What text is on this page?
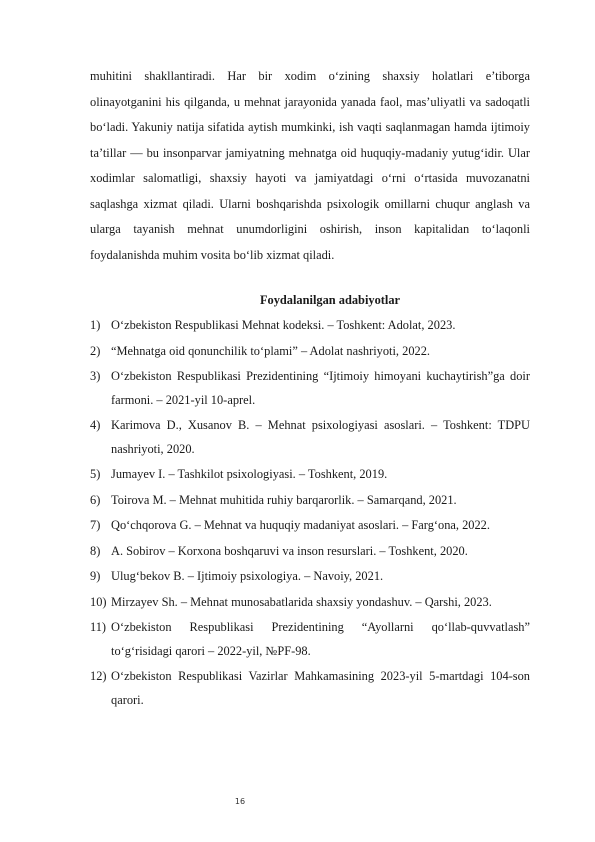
muhitini shakllantiradi. Har bir xodim o‘zining shaxsiy holatlari e’tiborga olinayotganini his qilganda, u mehnat jarayonida yanada faol, mas’uliyatli va sadoqatli bo‘ladi. Yakuniy natija sifatida aytish mumkinki, ish vaqti saqlanmagan hamda ijtimoiy ta’tillar — bu insonparvar jamiyatning mehnatga oid huquqiy-madaniy yutug‘idir. Ular xodimlar salomatligi, shaxsiy hayoti va jamiyatdagi o‘rni o‘rtasida muvozanatni saqlashga xizmat qiladi. Ularni boshqarishda psixologik omillarni chuqur anglash va ularga tayanish mehnat unumdorligini oshirish, inson kapitalidan to‘laqonli foydalanishda muhim vosita bo‘lib xizmat qiladi.

Foydalanilgan adabiyotlar
1) O‘zbekiston Respublikasi Mehnat kodeksi. – Toshkent: Adolat, 2023.
2) “Mehnatga oid qonunchilik to‘plami” – Adolat nashriyoti, 2022.
3) O‘zbekiston Respublikasi Prezidentining “Ijtimoiy himoyani kuchaytirish”ga doir farmoni. – 2021-yil 10-aprel.
4) Karimova D., Xusanov B. – Mehnat psixologiyasi asoslari. – Toshkent: TDPU nashriyoti, 2020.
5) Jumayev I. – Tashkilot psixologiyasi. – Toshkent, 2019.
6) Toirova M. – Mehnat muhitida ruhiy barqarorlik. – Samarqand, 2021.
7) Qo‘chqorova G. – Mehnat va huquqiy madaniyat asoslari. – Farg‘ona, 2022.
8) A. Sobirov – Korxona boshqaruvi va inson resurslari. – Toshkent, 2020.
9) Ulug‘bekov B. – Ijtimoiy psixologiya. – Navoiy, 2021.
10) Mirzayev Sh. – Mehnat munosabatlarida shaxsiy yondashuv. – Qarshi, 2023.
11) O‘zbekiston Respublikasi Prezidentining “Ayollarni qo‘llab-quvvatlash” to‘g‘risidagi qarori – 2022-yil, №PF-98.
12) O‘zbekiston Respublikasi Vazirlar Mahkamasining 2023-yil 5-martdagi 104-son qarori.
16
